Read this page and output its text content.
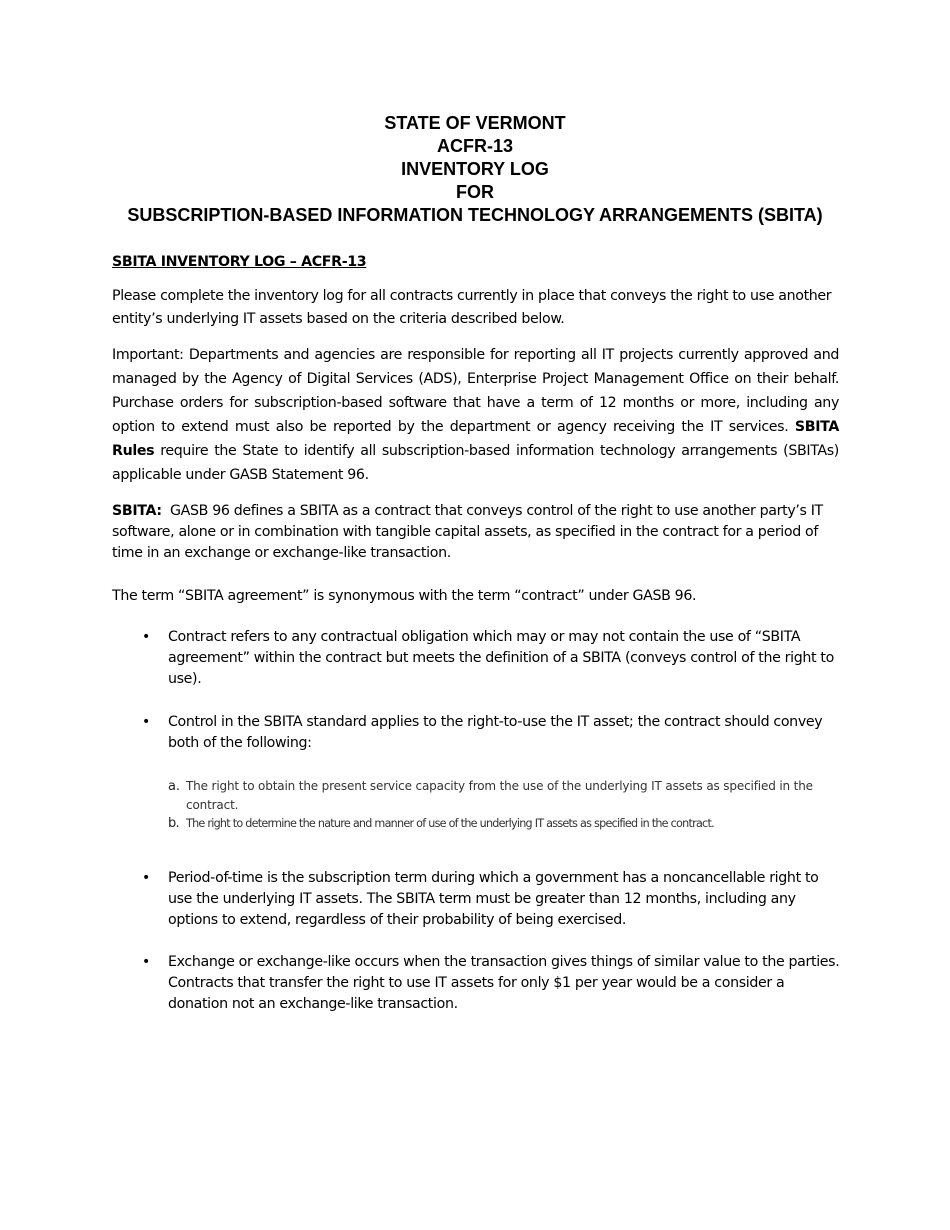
STATE OF VERMONT
ACFR-13
INVENTORY LOG
FOR
SUBSCRIPTION-BASED INFORMATION TECHNOLOGY ARRANGEMENTS (SBITA)
SBITA INVENTORY LOG – ACFR-13
Please complete the inventory log for all contracts currently in place that conveys the right to use another entity’s underlying IT assets based on the criteria described below.
Important: Departments and agencies are responsible for reporting all IT projects currently approved and managed by the Agency of Digital Services (ADS), Enterprise Project Management Office on their behalf. Purchase orders for subscription-based software that have a term of 12 months or more, including any option to extend must also be reported by the department or agency receiving the IT services. SBITA Rules require the State to identify all subscription-based information technology arrangements (SBITAs) applicable under GASB Statement 96.
SBITA: GASB 96 defines a SBITA as a contract that conveys control of the right to use another party’s IT software, alone or in combination with tangible capital assets, as specified in the contract for a period of time in an exchange or exchange-like transaction.
The term “SBITA agreement” is synonymous with the term “contract” under GASB 96.
• Contract refers to any contractual obligation which may or may not contain the use of “SBITA agreement” within the contract but meets the definition of a SBITA (conveys control of the right to use).
• Control in the SBITA standard applies to the right-to-use the IT asset; the contract should convey both of the following:
a. The right to obtain the present service capacity from the use of the underlying IT assets as specified in the contract.
b. The right to determine the nature and manner of use of the underlying IT assets as specified in the contract.
• Period-of-time is the subscription term during which a government has a noncancellable right to use the underlying IT assets. The SBITA term must be greater than 12 months, including any options to extend, regardless of their probability of being exercised.
• Exchange or exchange-like occurs when the transaction gives things of similar value to the parties. Contracts that transfer the right to use IT assets for only $1 per year would be a consider a donation not an exchange-like transaction.
